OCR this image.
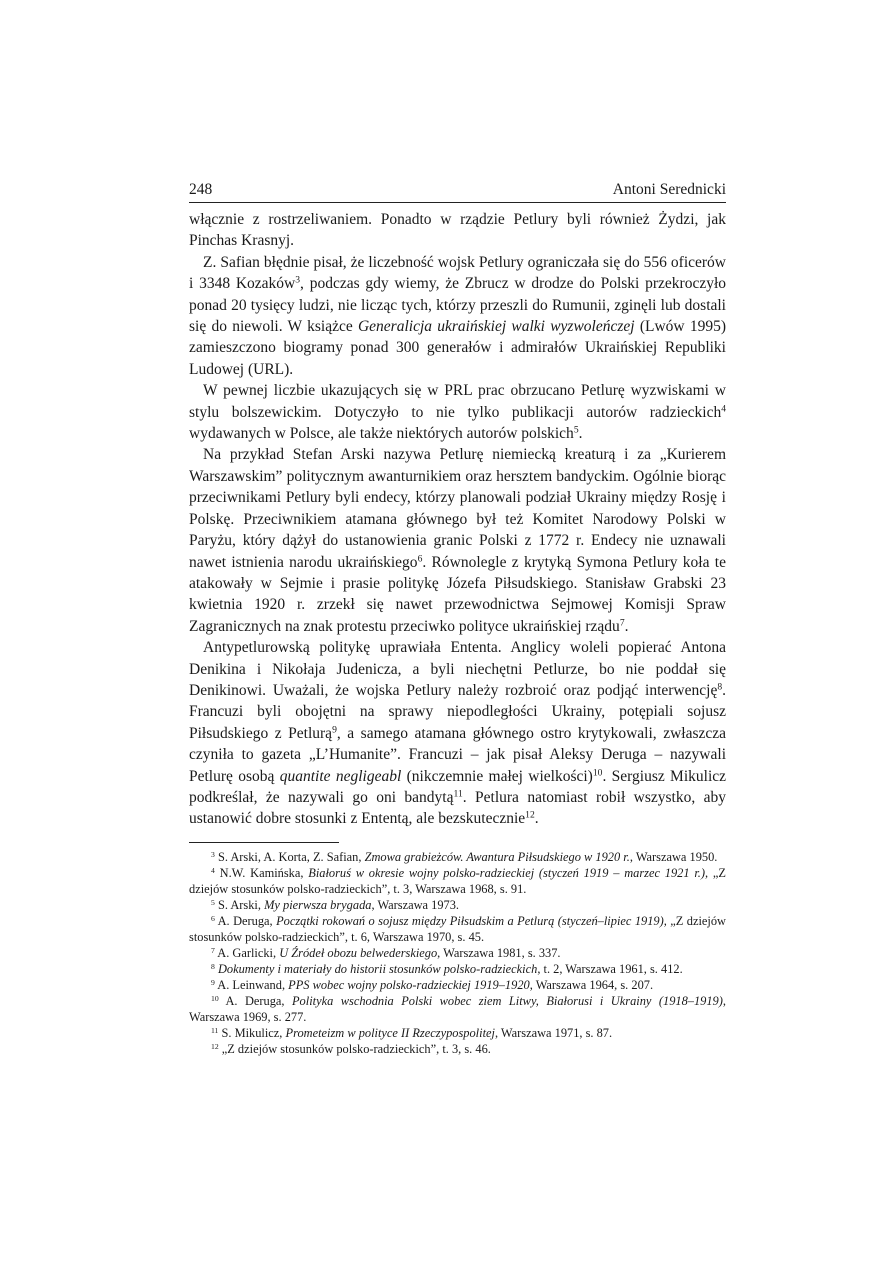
248	Antoni Serednicki

włącznie z rostrzeliwaniem. Ponadto w rządzie Petlury byli również Żydzi, jak Pinchas Krasnyj.

Z. Safian błędnie pisał, że liczebność wojsk Petlury ograniczała się do 556 oficerów i 3348 Kozaków$^3$, podczas gdy wiemy, że Zbrucz w drodze do Polski przekroczyło ponad 20 tysięcy ludzi, nie licząc tych, którzy przeszli do Rumunii, zginęli lub dostali się do niewoli. W książce Generalicja ukraińskiej walki wyzwoleńczej (Lwów 1995) zamieszczono biogramy ponad 300 generałów i admirałów Ukraińskiej Republiki Ludowej (URL).

W pewnej liczbie ukazujących się w PRL prac obrzucano Petlurę wyzwiskami w stylu bolszewickim. Dotyczyło to nie tylko publikacji autorów radzieckich$^4$ wydawanych w Polsce, ale także niektórych autorów polskich$^5$.

Na przykład Stefan Arski nazywa Petlurę niemiecką kreaturą i za „Kurierem Warszawskim” politycznym awanturnikiem oraz hersztem bandyckim. Ogólnie biorąc przeciwnikami Petlury byli endecy, którzy planowali podział Ukrainy między Rosję i Polskę. Przeciwnikiem atamana głównego był też Komitet Narodowy Polski w Paryżu, który dążył do ustanowienia granic Polski z 1772 r. Endecy nie uznawali nawet istnienia narodu ukraińskiego$^6$. Równolegle z krytyką Symona Petlury koła te atakowały w Sejmie i prasie politykę Józefa Piłsudskiego. Stanisław Grabski 23 kwietnia 1920 r. zrzekł się nawet przewodnictwa Sejmowej Komisji Spraw Zagranicznych na znak protestu przeciwko polityce ukraińskiej rządu$^7$.

Antypetlurowską politykę uprawiała Ententa. Anglicy woleli popierać Antona Denikina i Nikołaja Judenicza, a byli niechętni Petlurze, bo nie poddał się Denikinowi. Uważali, że wojska Petlury należy rozbroić oraz podjąć interwencję$^8$. Francuzi byli obojętni na sprawy niepodległości Ukrainy, potępiali sojusz Piłsudskiego z Petlurą$^9$, a samego atamana głównego ostro krytykowali, zwłaszcza czyniła to gazeta „L’Humanite”. Francuzi – jak pisał Aleksy Deruga – nazywali Petlurę osobą quantite negligeabl (nikczemnie małej wielkości)$^{10}$. Sergiusz Mikulicz podkreślał, że nazywali go oni bandytą$^{11}$. Petlura natomiast robił wszystko, aby ustanowić dobre stosunki z Ententą, ale bezskutecznie$^{12}$.

$^3$ S. Arski, A. Korta, Z. Safian, Zmowa grabieżców. Awantura Piłsudskiego w 1920 r., Warszawa 1950.

$^4$ N.W. Kamińska, Białoruś w okresie wojny polsko-radzieckiej (styczeń 1919 – marzec 1921 r.), „Z dziejów stosunków polsko-radzieckich”, t. 3, Warszawa 1968, s. 91.

$^5$ S. Arski, My pierwsza brygada, Warszawa 1973.

$^6$ A. Deruga, Początki rokowań o sojusz między Piłsudskim a Petlurą (styczeń–lipiec 1919), „Z dziejów stosunków polsko-radzieckich”, t. 6, Warszawa 1970, s. 45.

$^7$ A. Garlicki, U Źródeł obozu belwederskiego, Warszawa 1981, s. 337.

$^8$ Dokumenty i materiały do historii stosunków polsko-radzieckich, t. 2, Warszawa 1961, s. 412.

$^9$ A. Leinwand, PPS wobec wojny polsko-radzieckiej 1919–1920, Warszawa 1964, s. 207.

$^{10}$ A. Deruga, Polityka wschodnia Polski wobec ziem Litwy, Białorusi i Ukrainy (1918–1919), Warszawa 1969, s. 277.

$^{11}$ S. Mikulicz, Prometeizm w polityce II Rzeczypospolitej, Warszawa 1971, s. 87.

$^{12}$ „Z dziejów stosunków polsko-radzieckich”, t. 3, s. 46.
